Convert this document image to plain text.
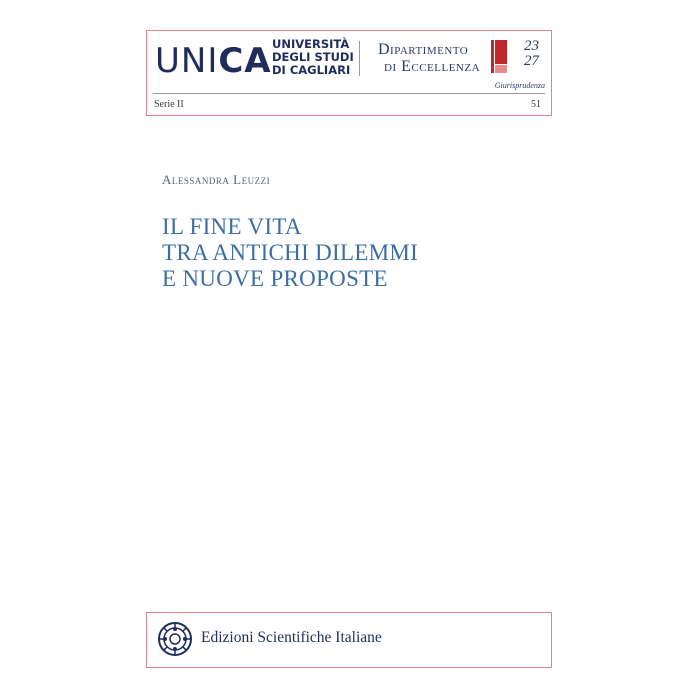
UNICA UNIVERSITÀ
DEGLI STUDI
DI CAGLIARI
Dipartimento
di Eccellenza
23
27
Giurisprudenza
Serie II	51
Alessandra Leuzzi
IL FINE VITA
TRA ANTICHI DILEMMI
E NUOVE PROPOSTE
Edizioni Scientifiche Italiane
